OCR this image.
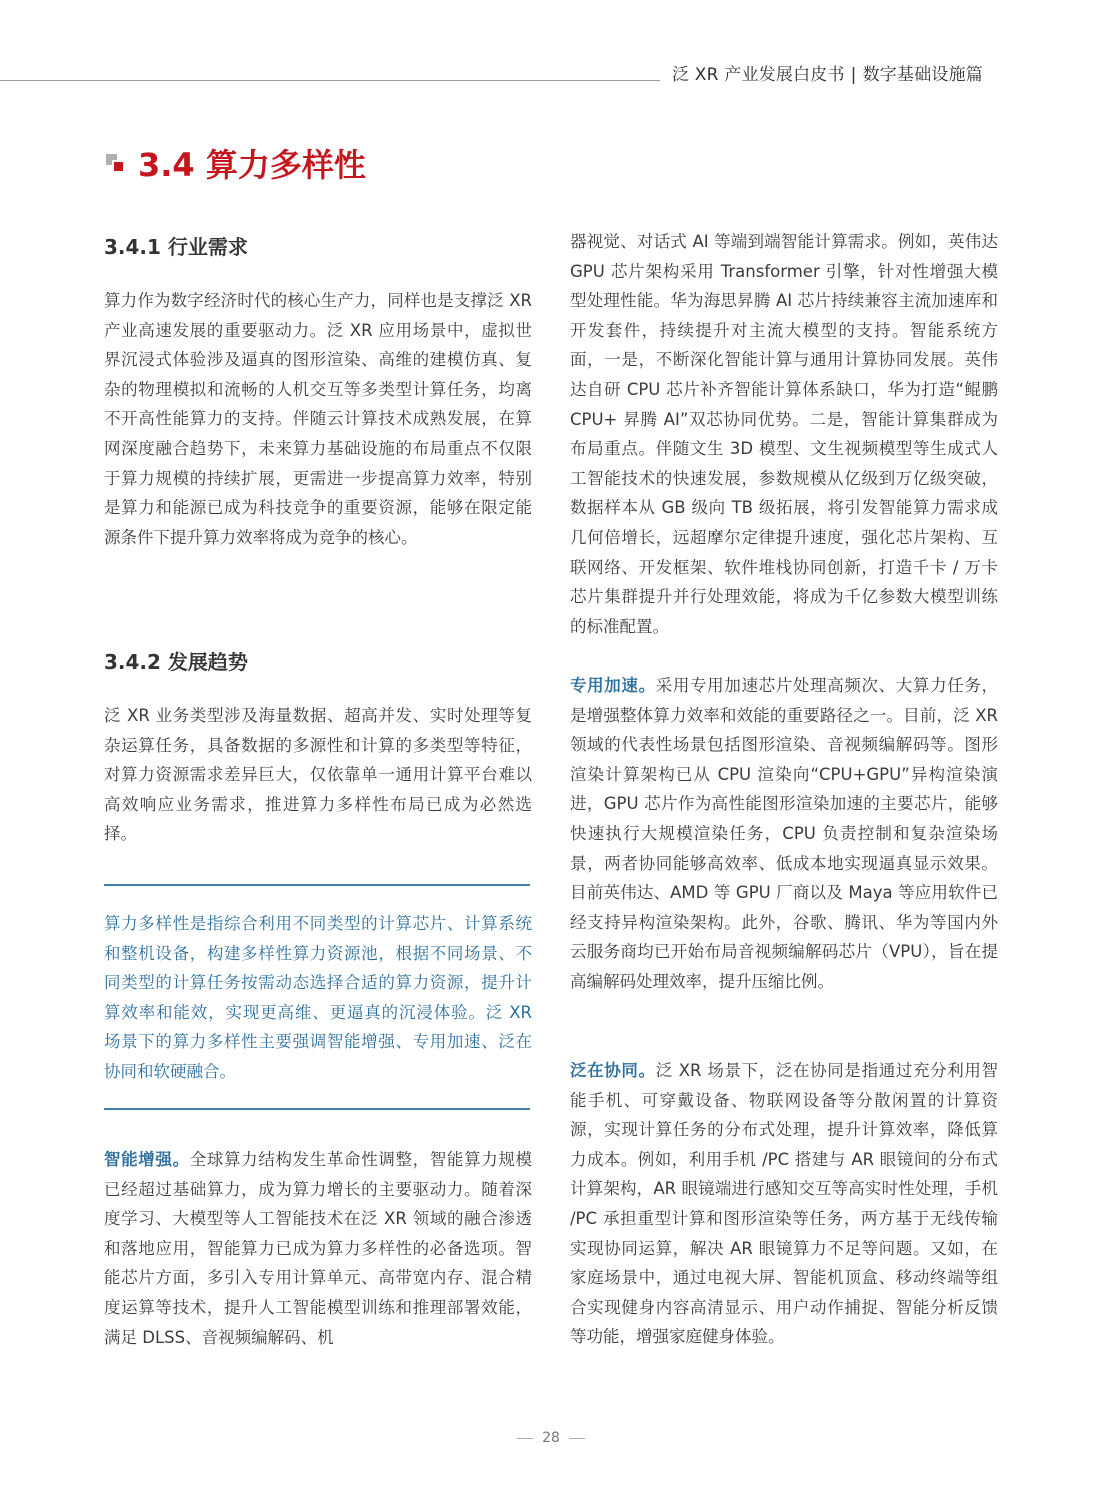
泛 XR 产业发展白皮书 | 数字基础设施篇
3.4 算力多样性
3.4.1 行业需求
算力作为数字经济时代的核心生产力，同样也是支撑泛 XR 产业高速发展的重要驱动力。泛 XR 应用场景中，虚拟世界沉浸式体验涉及逼真的图形渲染、高维的建模仿真、复杂的物理模拟和流畅的人机交互等多类型计算任务，均离不开高性能算力的支持。伴随云计算技术成熟发展，在算网深度融合趋势下，未来算力基础设施的布局重点不仅限于算力规模的持续扩展，更需进一步提高算力效率，特别是算力和能源已成为科技竞争的重要资源，能够在限定能源条件下提升算力效率将成为竞争的核心。
3.4.2 发展趋势
泛 XR 业务类型涉及海量数据、超高并发、实时处理等复杂运算任务，具备数据的多源性和计算的多类型等特征，对算力资源需求差异巨大，仅依靠单一通用计算平台难以高效响应业务需求，推进算力多样性布局已成为必然选择。
算力多样性是指综合利用不同类型的计算芯片、计算系统和整机设备，构建多样性算力资源池，根据不同场景、不同类型的计算任务按需动态选择合适的算力资源，提升计算效率和能效，实现更高维、更逼真的沉浸体验。泛 XR 场景下的算力多样性主要强调智能增强、专用加速、泛在协同和软硬融合。
智能增强。全球算力结构发生革命性调整，智能算力规模已经超过基础算力，成为算力增长的主要驱动力。随着深度学习、大模型等人工智能技术在泛 XR 领域的融合渗透和落地应用，智能算力已成为算力多样性的必备选项。智能芯片方面，多引入专用计算单元、高带宽内存、混合精度运算等技术，提升人工智能模型训练和推理部署效能，满足 DLSS、音视频编解码、机
器视觉、对话式 AI 等端到端智能计算需求。例如，英伟达 GPU 芯片架构采用 Transformer 引擎，针对性增强大模型处理性能。华为海思昇腾 AI 芯片持续兼容主流加速库和开发套件，持续提升对主流大模型的支持。智能系统方面，一是，不断深化智能计算与通用计算协同发展。英伟达自研 CPU 芯片补齐智能计算体系缺口，华为打造“鲲鹏 CPU+ 昇腾 AI”双芯协同优势。二是，智能计算集群成为布局重点。伴随文生 3D 模型、文生视频模型等生成式人工智能技术的快速发展，参数规模从亿级到万亿级突破，数据样本从 GB 级向 TB 级拓展，将引发智能算力需求成几何倍增长，远超摩尔定律提升速度，强化芯片架构、互联网络、开发框架、软件堆栈协同创新，打造千卡 / 万卡芯片集群提升并行处理效能，将成为千亿参数大模型训练的标准配置。
专用加速。采用专用加速芯片处理高频次、大算力任务，是增强整体算力效率和效能的重要路径之一。目前，泛 XR 领域的代表性场景包括图形渲染、音视频编解码等。图形渲染计算架构已从 CPU 渲染向“CPU+GPU”异构渲染演进，GPU 芯片作为高性能图形渲染加速的主要芯片，能够快速执行大规模渲染任务，CPU 负责控制和复杂渲染场景，两者协同能够高效率、低成本地实现逼真显示效果。目前英伟达、AMD 等 GPU 厂商以及 Maya 等应用软件已经支持异构渲染架构。此外，谷歌、腾讯、华为等国内外云服务商均已开始布局音视频编解码芯片（VPU），旨在提高编解码处理效率，提升压缩比例。
泛在协同。泛 XR 场景下，泛在协同是指通过充分利用智能手机、可穿戴设备、物联网设备等分散闲置的计算资源，实现计算任务的分布式处理，提升计算效率，降低算力成本。例如，利用手机 /PC 搭建与 AR 眼镜间的分布式计算架构，AR 眼镜端进行感知交互等高实时性处理，手机 /PC 承担重型计算和图形渲染等任务，两方基于无线传输实现协同运算，解决 AR 眼镜算力不足等问题。又如，在家庭场景中，通过电视大屏、智能机顶盒、移动终端等组合实现健身内容高清显示、用户动作捕捉、智能分析反馈等功能，增强家庭健身体验。
28
